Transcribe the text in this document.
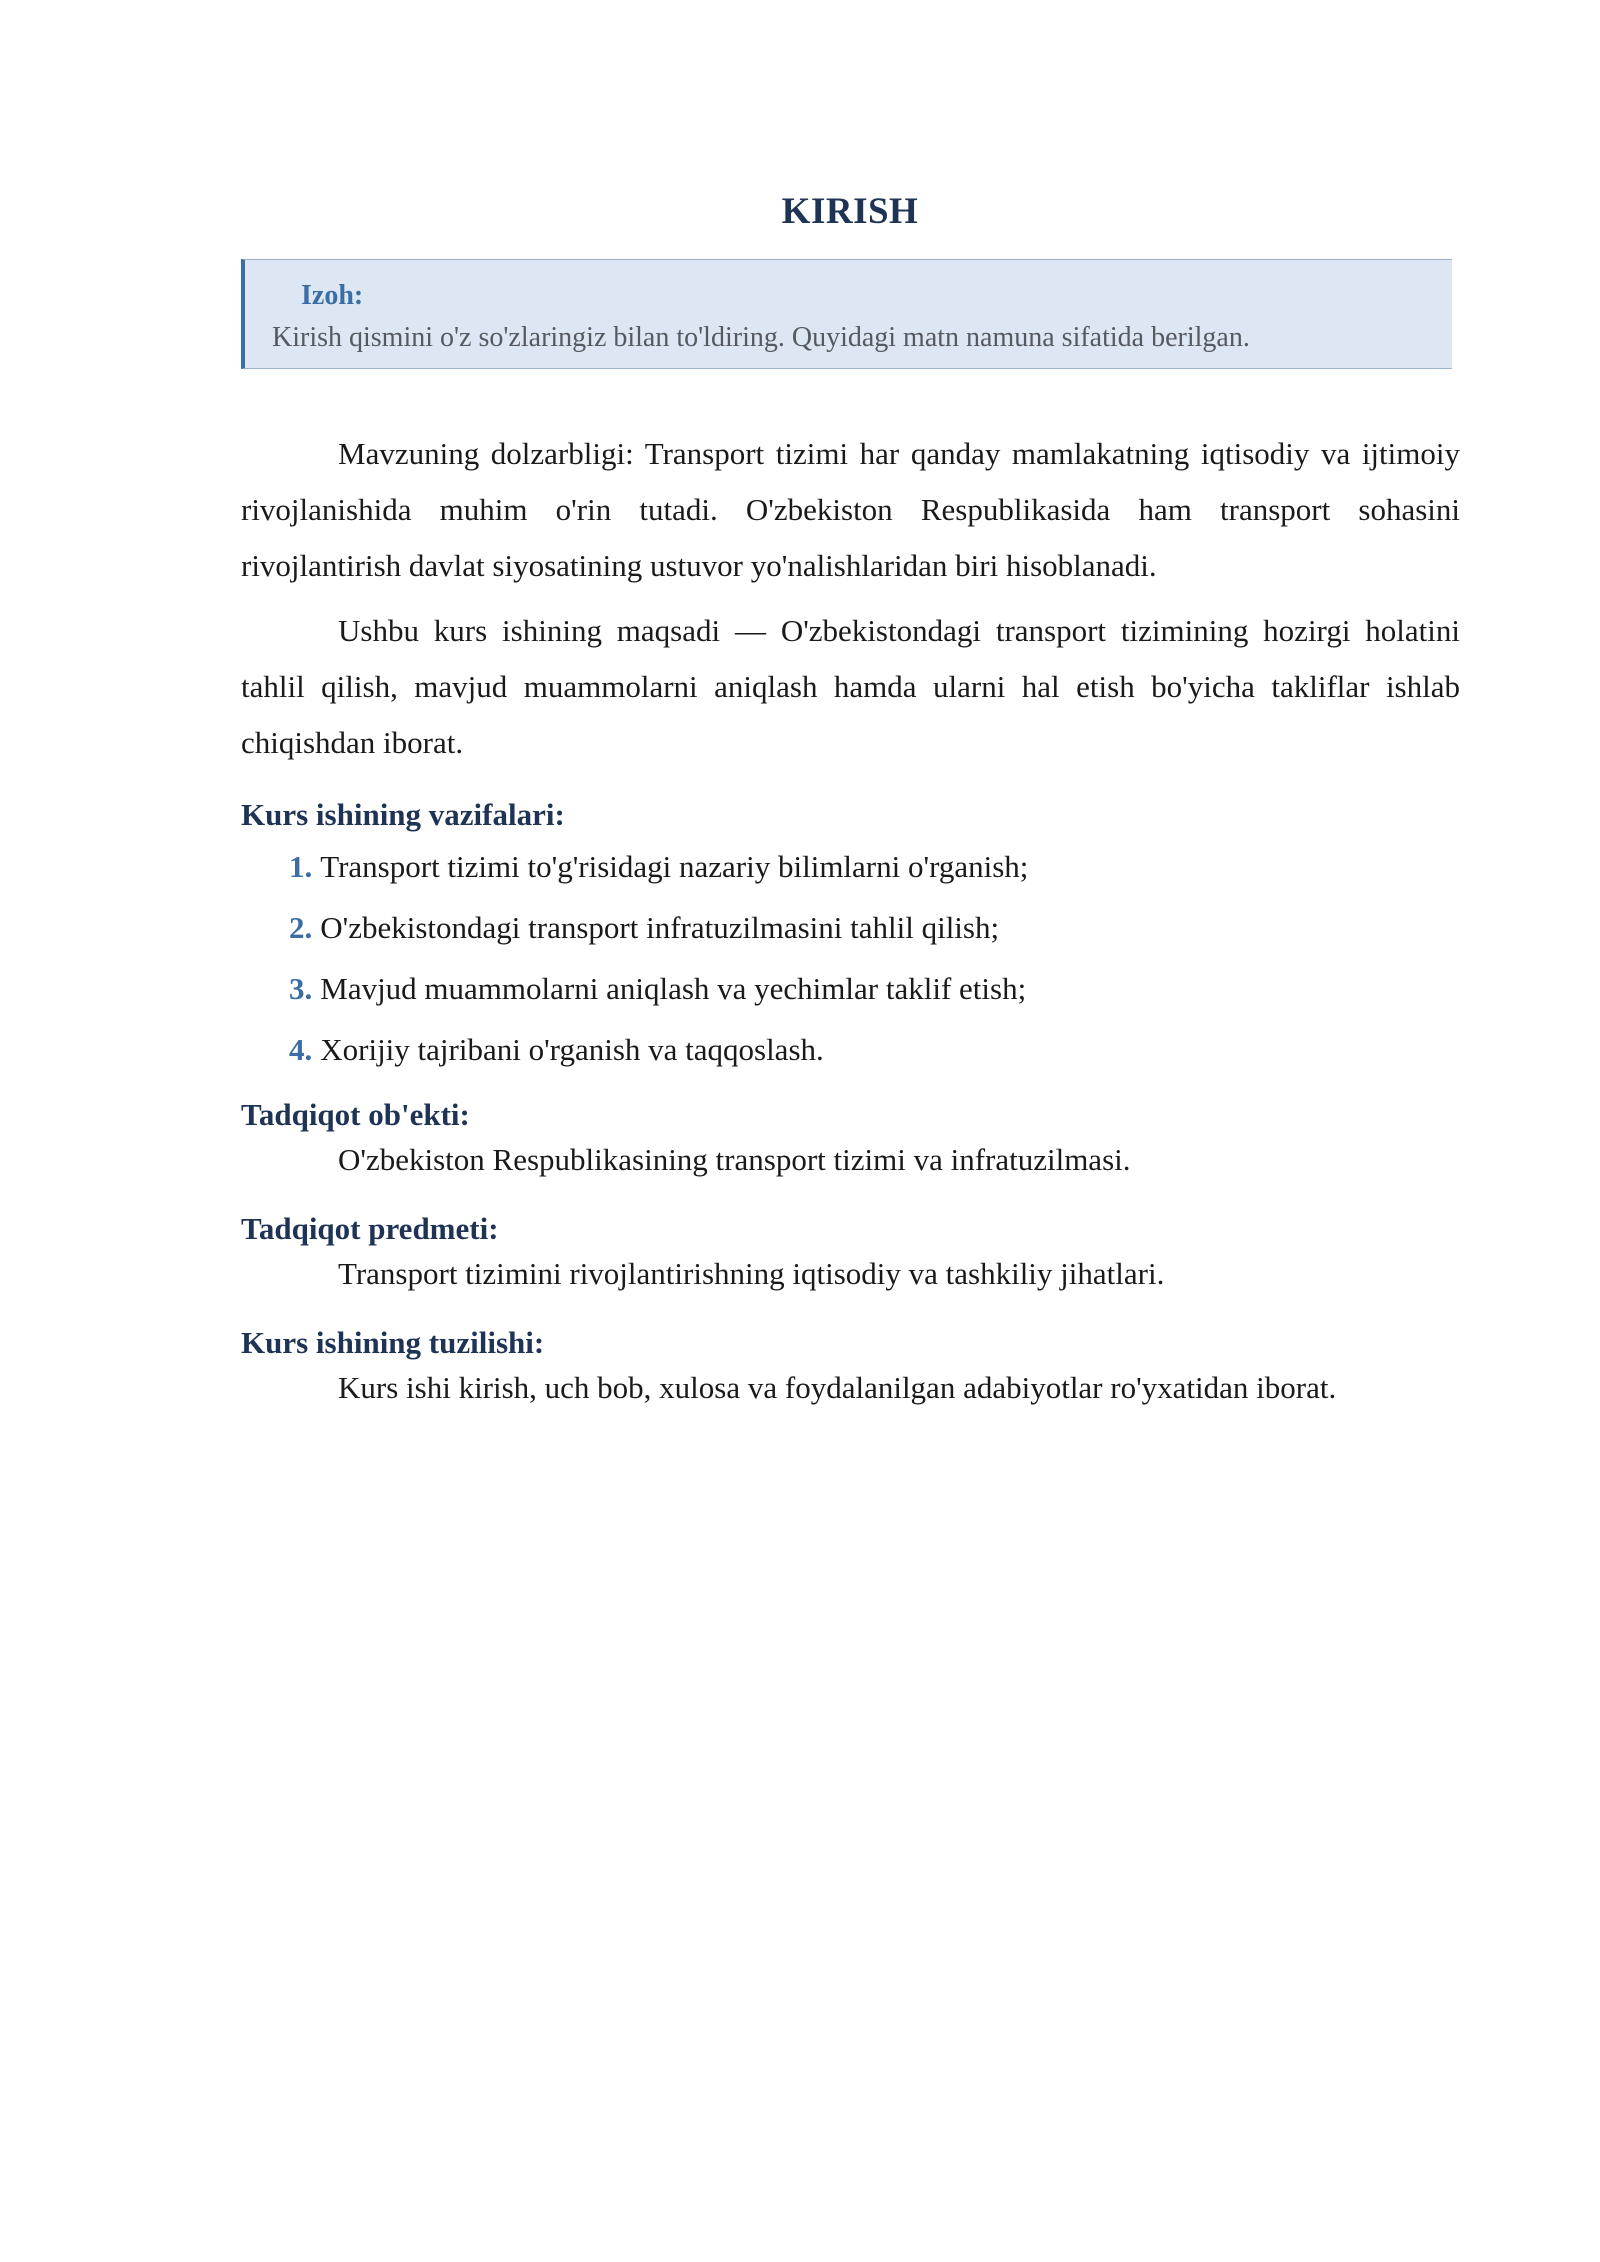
KIRISH
Izoh:
Kirish qismini o'z so'zlaringiz bilan to'ldiring. Quyidagi matn namuna sifatida berilgan.

Mavzuning dolzarbligi: Transport tizimi har qanday mamlakatning iqtisodiy va ijtimoiy rivojlanishida muhim o'rin tutadi. O'zbekiston Respublikasida ham transport sohasini rivojlantirish davlat siyosatining ustuvor yo'nalishlaridan biri hisoblanadi.

Ushbu kurs ishining maqsadi — O'zbekistondagi transport tizimining hozirgi holatini tahlil qilish, mavjud muammolarni aniqlash hamda ularni hal etish bo'yicha takliflar ishlab chiqishdan iborat.

Kurs ishining vazifalari:
1. Transport tizimi to'g'risidagi nazariy bilimlarni o'rganish;
2. O'zbekistondagi transport infratuzilmasini tahlil qilish;
3. Mavjud muammolarni aniqlash va yechimlar taklif etish;
4. Xorijiy tajribani o'rganish va taqqoslash.
Tadqiqot ob'ekti:
O'zbekiston Respublikasining transport tizimi va infratuzilmasi.
Tadqiqot predmeti:
Transport tizimini rivojlantirishning iqtisodiy va tashkiliy jihatlari.
Kurs ishining tuzilishi:
Kurs ishi kirish, uch bob, xulosa va foydalanilgan adabiyotlar ro'yxatidan iborat.
